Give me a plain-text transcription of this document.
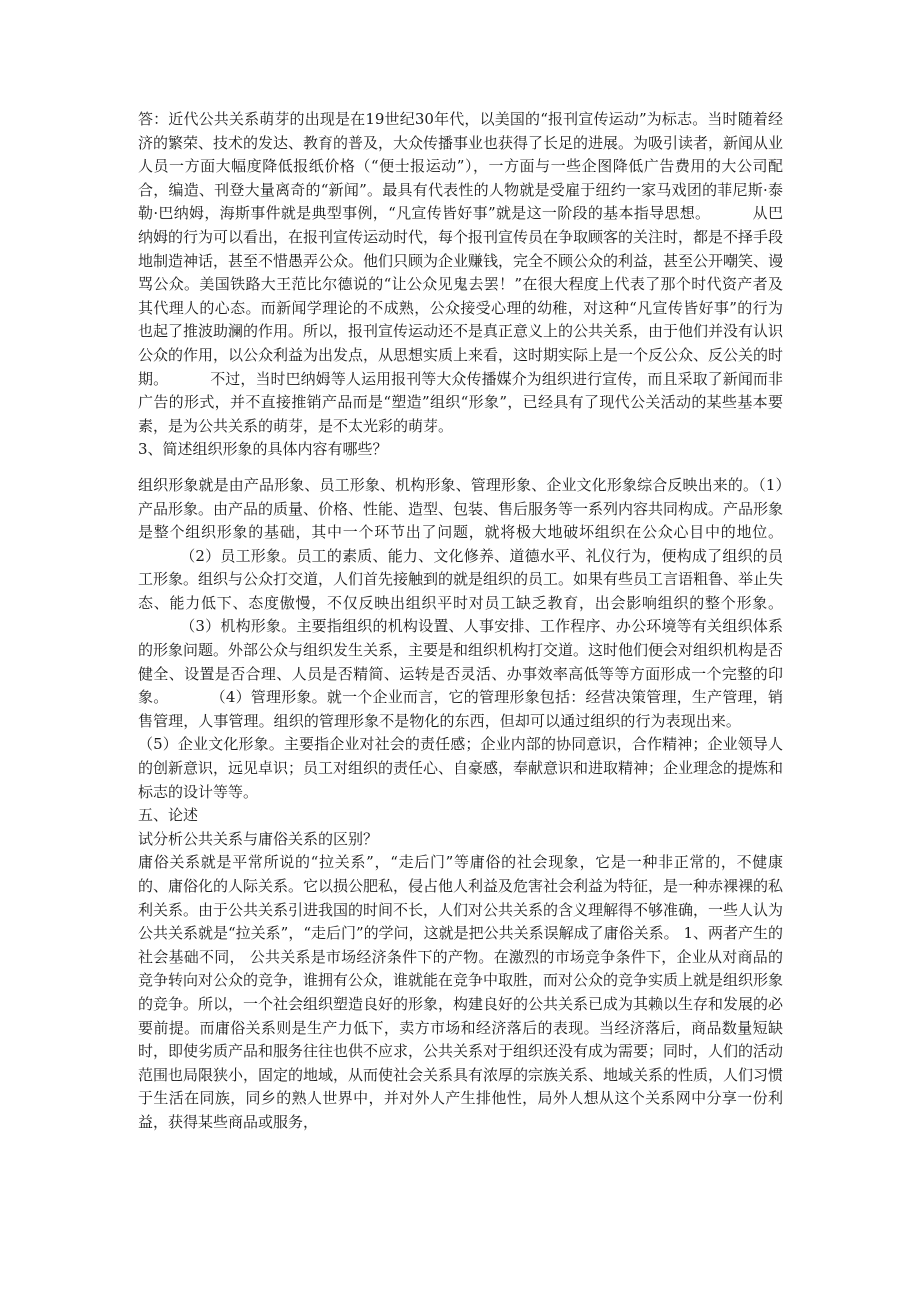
答：近代公共关系萌芽的出现是在19世纪30年代，以美国的“报刊宣传运动”为标志。当时随着经济的繁荣、技术的发达、教育的普及，大众传播事业也获得了长足的进展。为吸引读者，新闻从业人员一方面大幅度降低报纸价格（“便士报运动”），一方面与一些企图降低广告费用的大公司配合，编造、刊登大量离奇的“新闻”。最具有代表性的人物就是受雇于纽约一家马戏团的菲尼斯·泰勒·巴纳姆，海斯事件就是典型事例，“凡宣传皆好事”就是这一阶段的基本指导思想。	从巴纳姆的行为可以看出，在报刊宣传运动时代，每个报刊宣传员在争取顾客的关注时，都是不择手段地制造神话，甚至不惜愚弄公众。他们只顾为企业赚钱，完全不顾公众的利益，甚至公开嘲笑、谩骂公众。美国铁路大王范比尔德说的“让公众见鬼去罢！”在很大程度上代表了那个时代资产者及其代理人的心态。而新闻学理论的不成熟，公众接受心理的幼稚，对这种“凡宣传皆好事”的行为也起了推波助澜的作用。所以，报刊宣传运动还不是真正意义上的公共关系，由于他们并没有认识公众的作用，以公众利益为出发点，从思想实质上来看，这时期实际上是一个反公众、反公关的时期。	不过，当时巴纳姆等人运用报刊等大众传播媒介为组织进行宣传，而且采取了新闻而非广告的形式，并不直接推销产品而是“塑造”组织“形象”，已经具有了现代公关活动的某些基本要素，是为公共关系的萌芽，是不太光彩的萌芽。

3、简述组织形象的具体内容有哪些？

组织形象就是由产品形象、员工形象、机构形象、管理形象、企业文化形象综合反映出来的。（1）产品形象。由产品的质量、价格、性能、造型、包装、售后服务等一系列内容共同构成。产品形象是整个组织形象的基础，其中一个环节出了问题，就将极大地破坏组织在公众心目中的地位。（2）员工形象。员工的素质、能力、文化修养、道德水平、礼仪行为，便构成了组织的员工形象。组织与公众打交道，人们首先接触到的就是组织的员工。如果有些员工言语粗鲁、举止失态、能力低下、态度傲慢，不仅反映出组织平时对员工缺乏教育，出会影响组织的整个形象。（3）机构形象。主要指组织的机构设置、人事安排、工作程序、办公环境等有关组织体系的形象问题。外部公众与组织发生关系，主要是和组织机构打交道。这时他们便会对组织机构是否健全、设置是否合理、人员是否精简、运转是否灵活、办事效率高低等等方面形成一个完整的印象。	（4）管理形象。就一个企业而言，它的管理形象包括：经营决策管理，生产管理，销售管理，人事管理。组织的管理形象不是物化的东西，但却可以通过组织的行为表现出来。（5）企业文化形象。主要指企业对社会的责任感；企业内部的协同意识，合作精神；企业领导人的创新意识，远见卓识；员工对组织的责任心、自豪感，奉献意识和进取精神；企业理念的提炼和标志的设计等等。

五、论述

试分析公共关系与庸俗关系的区别？

庸俗关系就是平常所说的“拉关系”，“走后门”等庸俗的社会现象，它是一种非正常的，不健康的、庸俗化的人际关系。它以损公肥私，侵占他人利益及危害社会利益为特征，是一种赤裸裸的私利关系。由于公共关系引进我国的时间不长，人们对公共关系的含义理解得不够准确，一些人认为公共关系就是“拉关系”，“走后门”的学问，这就是把公共关系误解成了庸俗关系。 1、两者产生的社会基础不同， 公共关系是市场经济条件下的产物。在激烈的市场竞争条件下，企业从对商品的竞争转向对公众的竞争，谁拥有公众，谁就能在竞争中取胜，而对公众的竞争实质上就是组织形象的竞争。所以，一个社会组织塑造良好的形象，构建良好的公共关系已成为其赖以生存和发展的必要前提。而庸俗关系则是生产力低下，卖方市场和经济落后的表现。当经济落后，商品数量短缺时，即使劣质产品和服务往往也供不应求，公共关系对于组织还没有成为需要；同时，人们的活动范围也局限狭小，固定的地域，从而使社会关系具有浓厚的宗族关系、地域关系的性质，人们习惯于生活在同族，同乡的熟人世界中，并对外人产生排他性，局外人想从这个关系网中分享一份利益，获得某些商品或服务，
